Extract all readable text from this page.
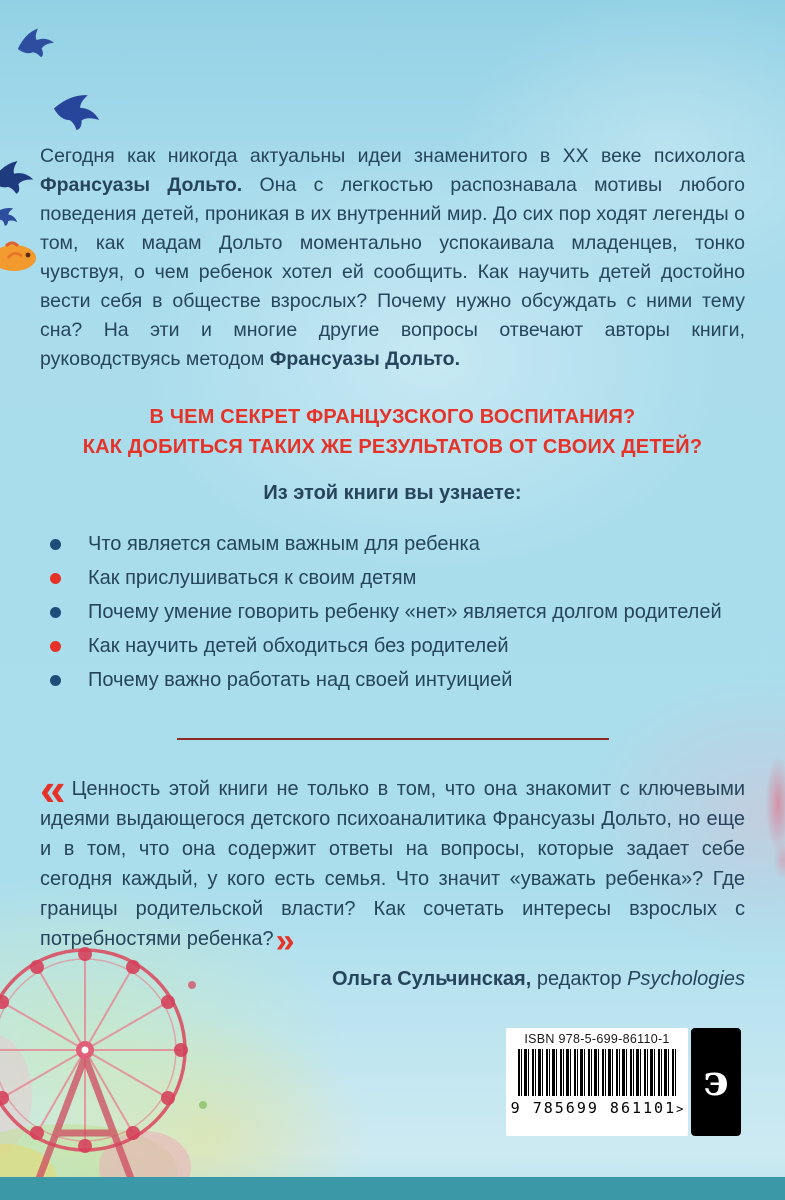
Сегодня как никогда актуальны идеи знаменитого в XX веке психолога Франсуазы Дольто. Она с легкостью распознавала мотивы любого поведения детей, проникая в их внутренний мир. До сих пор ходят легенды о том, как мадам Дольто моментально успокаивала младенцев, тонко чувствуя, о чем ребенок хотел ей сообщить. Как научить детей достойно вести себя в обществе взрослых? Почему нужно обсуждать с ними тему сна? На эти и многие другие вопросы отвечают авторы книги, руководствуясь методом Франсуазы Дольто.

В ЧЕМ СЕКРЕТ ФРАНЦУЗСКОГО ВОСПИТАНИЯ?
КАК ДОБИТЬСЯ ТАКИХ ЖЕ РЕЗУЛЬТАТОВ ОТ СВОИХ ДЕТЕЙ?
Из этой книги вы узнаете:
Что является самым важным для ребенка
Как прислушиваться к своим детям
Почему умение говорить ребенку «нет» является долгом родителей
Как научить детей обходиться без родителей
Почему важно работать над своей интуицией
« Ценность этой книги не только в том, что она знакомит с ключевыми идеями выдающегося детского психоаналитика Франсуазы Дольто, но еще и в том, что она содержит ответы на вопросы, которые задает себе сегодня каждый, у кого есть семья. Что значит «уважать ребенка»? Где границы родительской власти? Как сочетать интересы взрослых с потребностями ребенка?»

Ольга Сульчинская, редактор Psychologies

ISBN 978-5-699-86110-1
9 785699 861101>
э
